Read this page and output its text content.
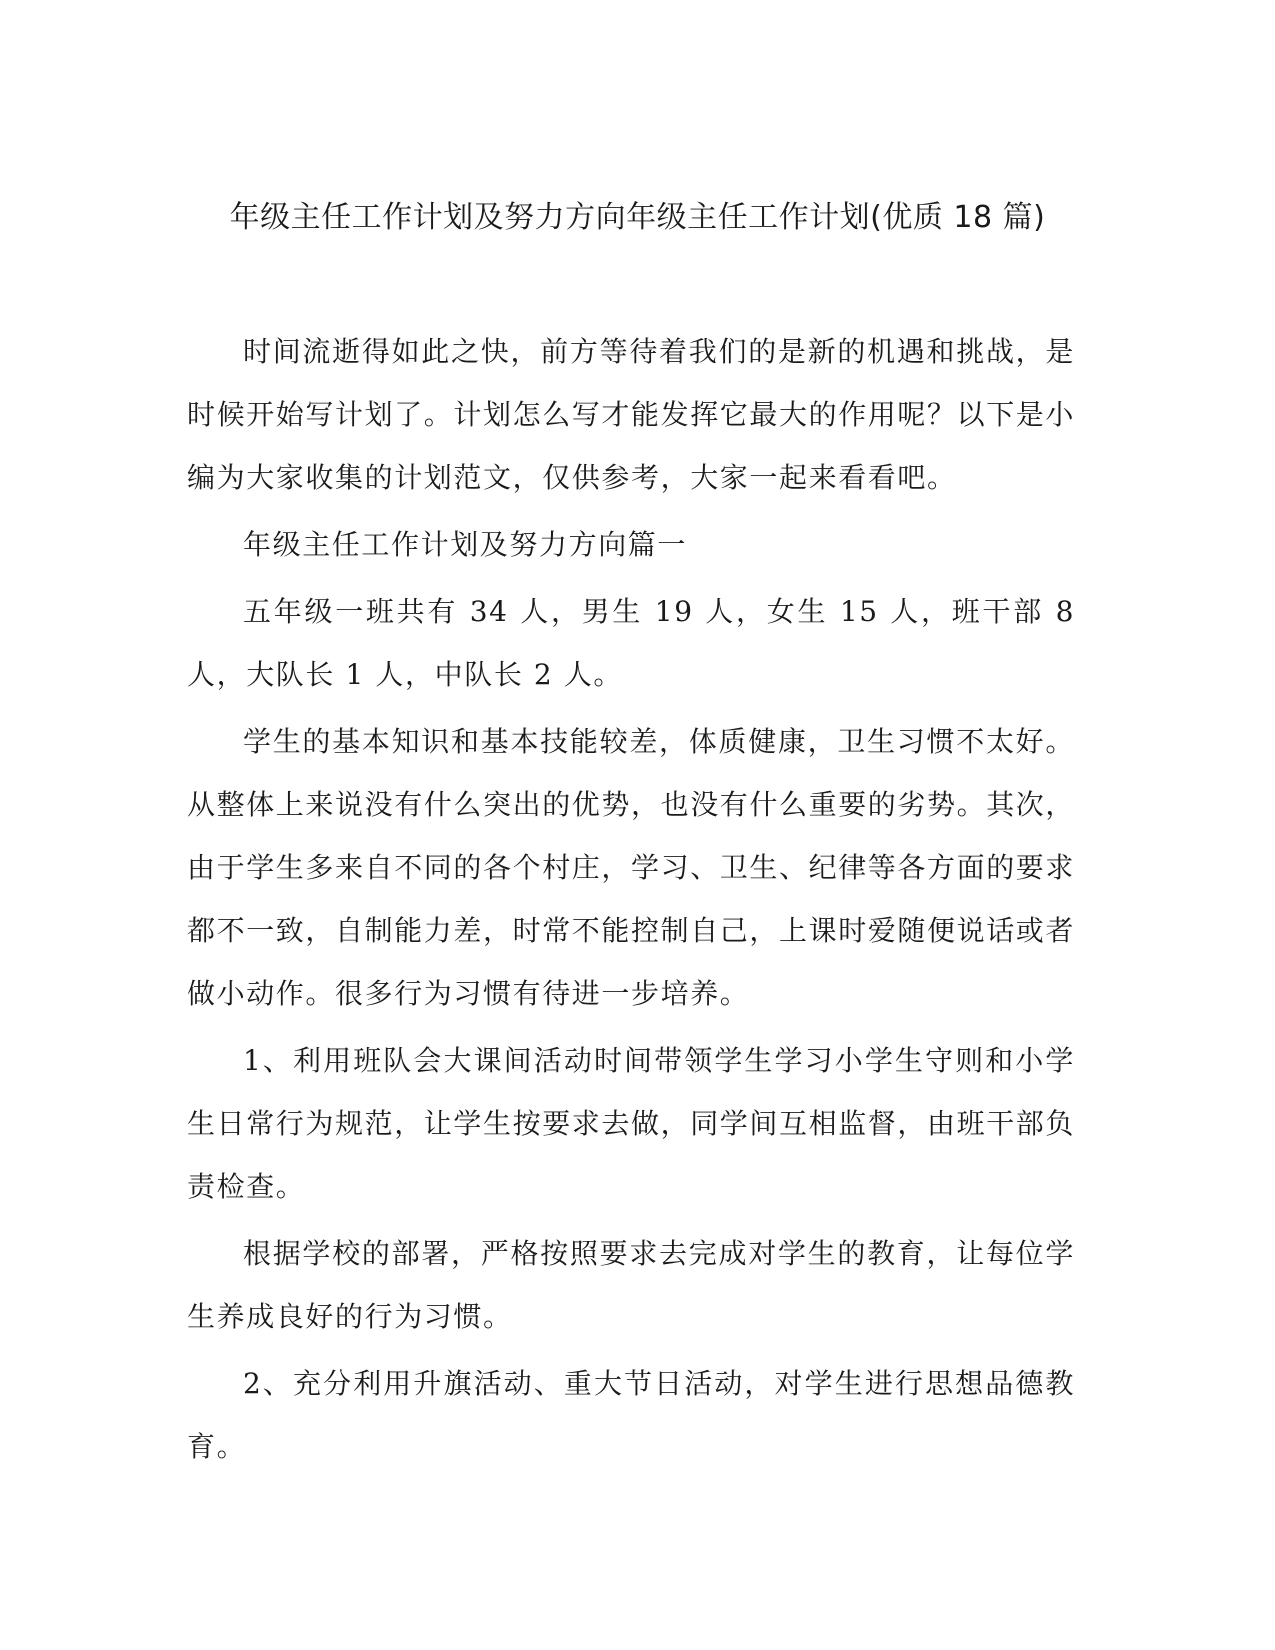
年级主任工作计划及努力方向年级主任工作计划(优质 18 篇)

时间流逝得如此之快，前方等待着我们的是新的机遇和挑战，是时候开始写计划了。计划怎么写才能发挥它最大的作用呢？以下是小编为大家收集的计划范文，仅供参考，大家一起来看看吧。

年级主任工作计划及努力方向篇一

五年级一班共有 34 人，男生 19 人，女生 15 人，班干部 8 人，大队长 1 人，中队长 2 人。

学生的基本知识和基本技能较差，体质健康，卫生习惯不太好。从整体上来说没有什么突出的优势，也没有什么重要的劣势。其次，由于学生多来自不同的各个村庄，学习、卫生、纪律等各方面的要求都不一致，自制能力差，时常不能控制自己，上课时爱随便说话或者做小动作。很多行为习惯有待进一步培养。

1、利用班队会大课间活动时间带领学生学习小学生守则和小学生日常行为规范，让学生按要求去做，同学间互相监督，由班干部负责检查。

根据学校的部署，严格按照要求去完成对学生的教育，让每位学生养成良好的行为习惯。

2、充分利用升旗活动、重大节日活动，对学生进行思想品德教育。
